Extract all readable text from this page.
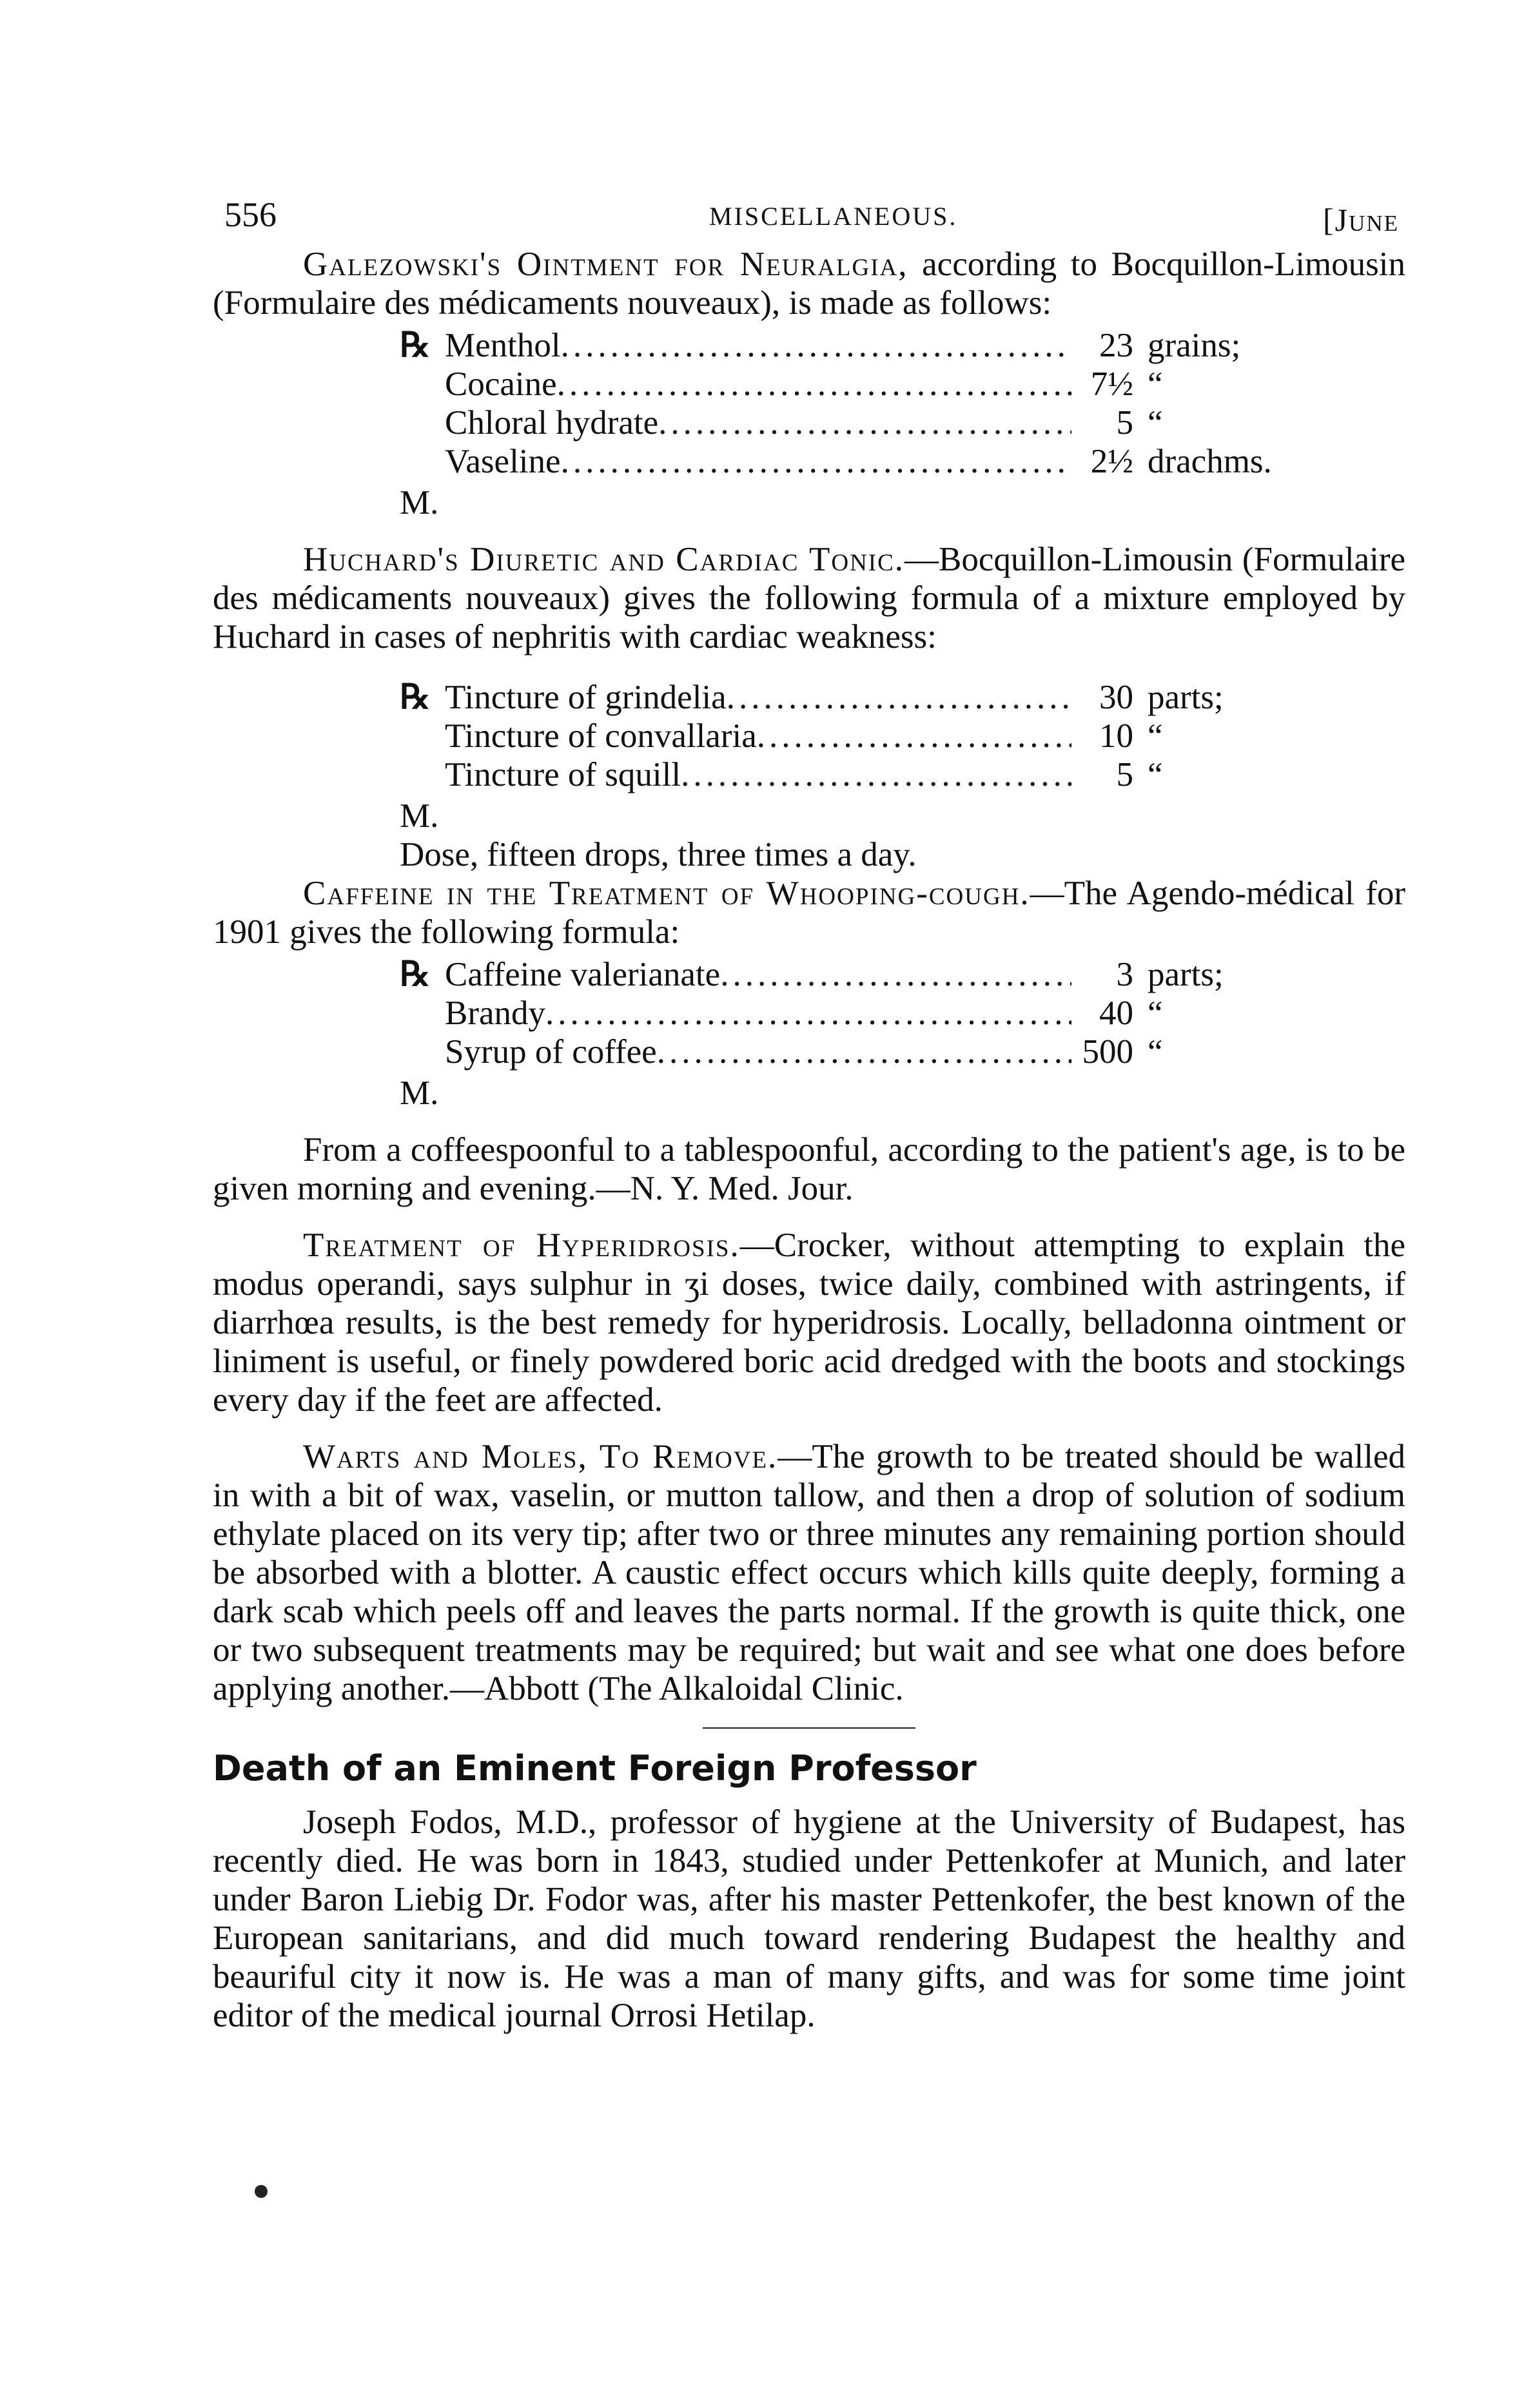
556	MISCELLANEOUS.	[June

Galezowski's Ointment for Neuralgia, according to Bocquillon-Limousin (Formulaire des médicaments nouveaux), is made as follows:

℞ Menthol .....	23 grains;
Cocaine .....	7½ “
Chloral hydrate .....	5 “
Vaseline .....	2½ drachms.
M.

Huchard's Diuretic and Cardiac Tonic.—Bocquillon-Limousin (Formulaire des médicaments nouveaux) gives the following formula of a mixture employed by Huchard in cases of nephritis with cardiac weakness:

℞ Tincture of grindelia .....	30 parts;
Tincture of convallaria .....	10 “
Tincture of squill .....	5 “
M.
Dose, fifteen drops, three times a day.

Caffeine in the Treatment of Whooping-cough.—The Agendo-médical for 1901 gives the following formula:

℞ Caffeine valerianate .....	3 parts;
Brandy .....	40 “
Syrup of coffee .....	500 “
M.

From a coffeespoonful to a tablespoonful, according to the patient's age, is to be given morning and evening.—N. Y. Med. Jour.

Treatment of Hyperidrosis.—Crocker, without attempting to explain the modus operandi, says sulphur in ʒi doses, twice daily, combined with astringents, if diarrhœa results, is the best remedy for hyperidrosis. Locally, belladonna ointment or liniment is useful, or finely powdered boric acid dredged with the boots and stockings every day if the feet are affected.

Warts and Moles, To Remove.—The growth to be treated should be walled in with a bit of wax, vaselin, or mutton tallow, and then a drop of solution of sodium ethylate placed on its very tip; after two or three minutes any remaining portion should be absorbed with a blotter. A caustic effect occurs which kills quite deeply, forming a dark scab which peels off and leaves the parts normal. If the growth is quite thick, one or two subsequent treatments may be required; but wait and see what one does before applying another.—Abbott (The Alkaloidal Clinic.

Death of an Eminent Foreign Professor

Joseph Fodos, M.D., professor of hygiene at the University of Budapest, has recently died. He was born in 1843, studied under Pettenkofer at Munich, and later under Baron Liebig Dr. Fodor was, after his master Pettenkofer, the best known of the European sanitarians, and did much toward rendering Budapest the healthy and beauriful city it now is. He was a man of many gifts, and was for some time joint editor of the medical journal Orrosi Hetilap.
